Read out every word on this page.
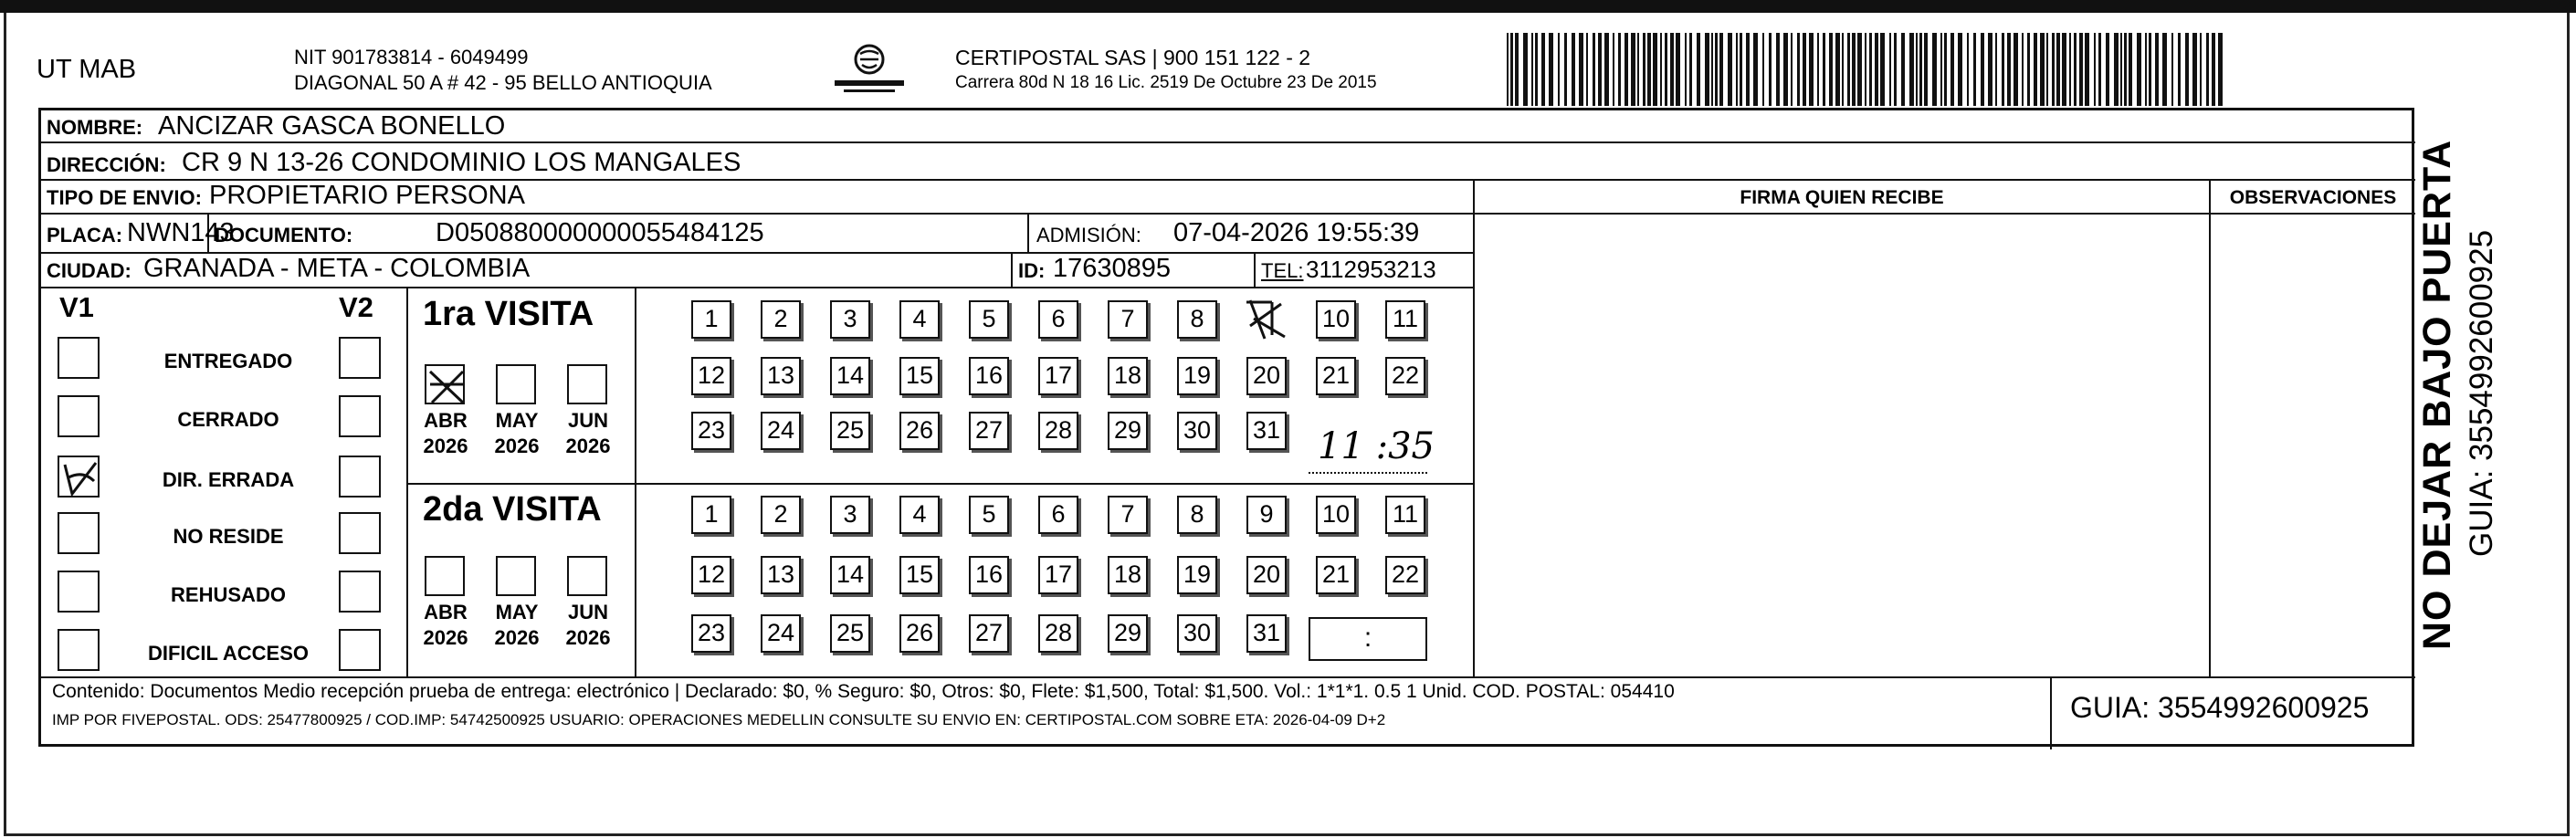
UT MAB	NIT 901783814 - 6049499
DIAGONAL 50 A # 42 - 95 BELLO ANTIOQUIA
CERTIPOSTAL SAS | 900 151 122 - 2
Carrera 80d N 18 16 Lic. 2519 De Octubre 23 De 2015
NOMBRE: ANCIZAR GASCA BONELLO
DIRECCIÓN: CR 9 N 13-26 CONDOMINIO LOS MANGALES
TIPO DE ENVIO: PROPIETARIO PERSONA	FIRMA QUIEN RECIBE	OBSERVACIONES
PLACA: NWN143
DOCUMENTO:	D050880000000055484125	ADMISIÓN: 07-04-2026 19:55:39
CIUDAD: GRANADA - META - COLOMBIA	ID: 17630895	TEL: 3112953213
V1	V2
ENTREGADO
CERRADO
DIR. ERRADA
NO RESIDE
REHUSADO
DIFICIL ACCESO
1ra VISITA
2da VISITA
ABR
2026
MAY
2026
JUN
2026
ABR
2026
MAY
2026
JUN
2026
1	2	3	4	5	6	7	8	10 11
12 13 14 15 16 17 18 19 20 21 22
23 24 25 26 27 28 29 30 31
1	2	3	4	5	6	7	8	9	10 11
12 13 14 15 16 17 18 19 20 21 22
23 24 25 26 27 28 29 30 31
11 :35
:
Contenido: Documentos Medio recepción prueba de entrega: electrónico | Declarado: $0, % Seguro: $0, Otros: $0, Flete: $1,500, Total: $1,500. Vol.: 1*1*1. 0.5 1 Unid. COD. POSTAL: 054410
IMP POR FIVEPOSTAL. ODS: 25477800925 / COD.IMP: 54742500925 USUARIO: OPERACIONES MEDELLIN CONSULTE SU ENVIO EN: CERTIPOSTAL.COM SOBRE ETA: 2026-04-09 D+2	GUIA: 3554992600925
NO DEJAR BAJO PUERTA GUIA: 3554992600925
